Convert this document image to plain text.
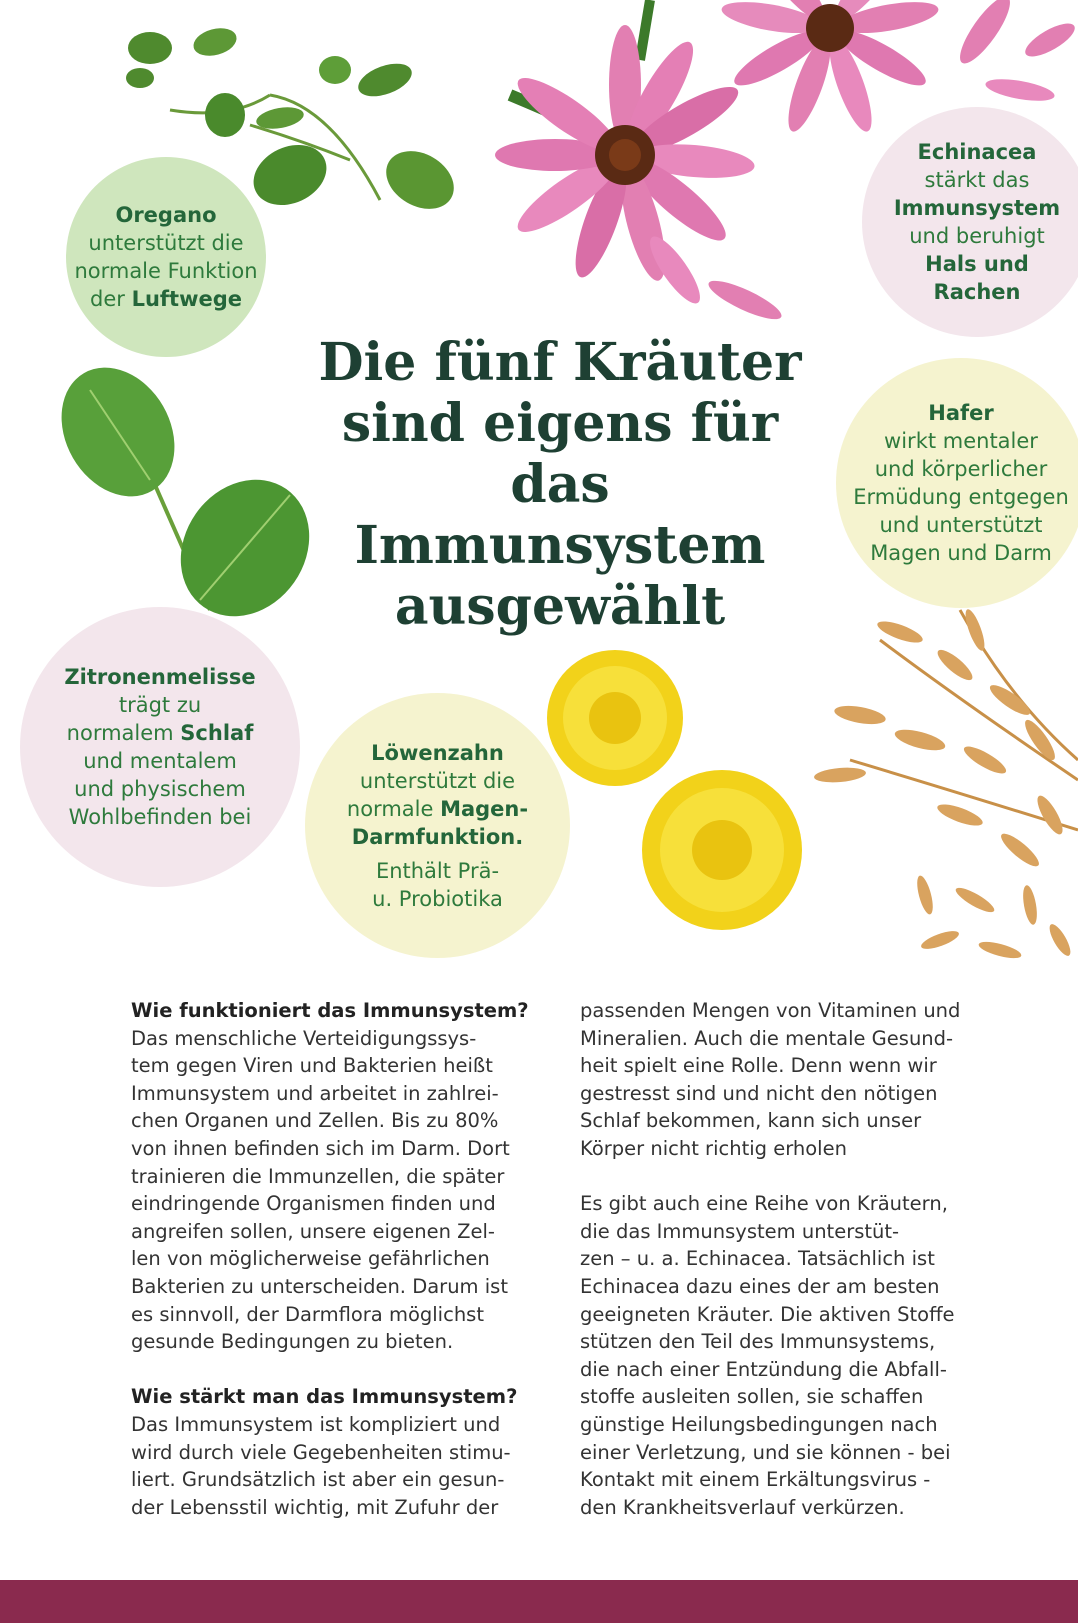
Oregano
unterstützt die
normale Funktion
der Luftwege
Echinacea
stärkt das
Immunsystem
und beruhigt
Hals und
Rachen
Hafer
wirkt mentaler
und körperlicher
Ermüdung entgegen
und unterstützt
Magen und Darm
Zitronenmelisse
trägt zu
normalem Schlaf
und mentalem
und physischem
Wohlbefinden bei
Löwenzahn
unterstützt die
normale Magen-
Darmfunktion.
Enthält Prä-
u. Probiotika
Die fünf Kräuter
sind eigens für
das Immunsystem
ausgewählt
Wie funktioniert das Immunsystem?
Das menschliche Verteidigungssys-
tem gegen Viren und Bakterien heißt
Immunsystem und arbeitet in zahlrei-
chen Organen und Zellen. Bis zu 80%
von ihnen befinden sich im Darm. Dort
trainieren die Immunzellen, die später
eindringende Organismen finden und
angreifen sollen, unsere eigenen Zel-
len von möglicherweise gefährlichen
Bakterien zu unterscheiden. Darum ist
es sinnvoll, der Darmflora möglichst
gesunde Bedingungen zu bieten.
Wie stärkt man das Immunsystem?
Das Immunsystem ist kompliziert und
wird durch viele Gegebenheiten stimu-
liert. Grundsätzlich ist aber ein gesun-
der Lebensstil wichtig, mit Zufuhr der
passenden Mengen von Vitaminen und
Mineralien. Auch die mentale Gesund-
heit spielt eine Rolle. Denn wenn wir
gestresst sind und nicht den nötigen
Schlaf bekommen, kann sich unser
Körper nicht richtig erholen
Es gibt auch eine Reihe von Kräutern,
die das Immunsystem unterstüt-
zen – u. a. Echinacea. Tatsächlich ist
Echinacea dazu eines der am besten
geeigneten Kräuter. Die aktiven Stoffe
stützen den Teil des Immunsystems,
die nach einer Entzündung die Abfall-
stoffe ausleiten sollen, sie schaffen
günstige Heilungsbedingungen nach
einer Verletzung, und sie können - bei
Kontakt mit einem Erkältungsvirus -
den Krankheitsverlauf verkürzen.
